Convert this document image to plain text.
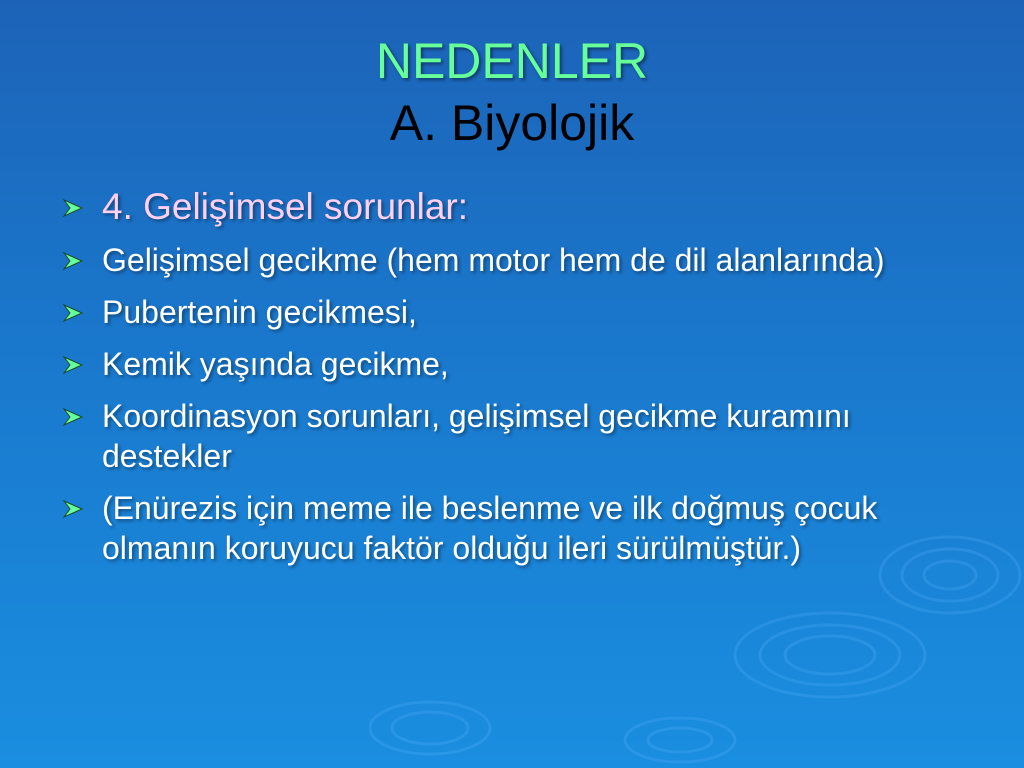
NEDENLER
A. Biyolojik
4. Gelişimsel sorunlar:
Gelişimsel gecikme (hem motor hem de dil alanlarında)
Pubertenin gecikmesi,
Kemik yaşında gecikme,
Koordinasyon sorunları, gelişimsel gecikme kuramını destekler
(Enürezis için meme ile beslenme ve ilk doğmuş çocuk olmanın koruyucu faktör olduğu ileri sürülmüştür.)
